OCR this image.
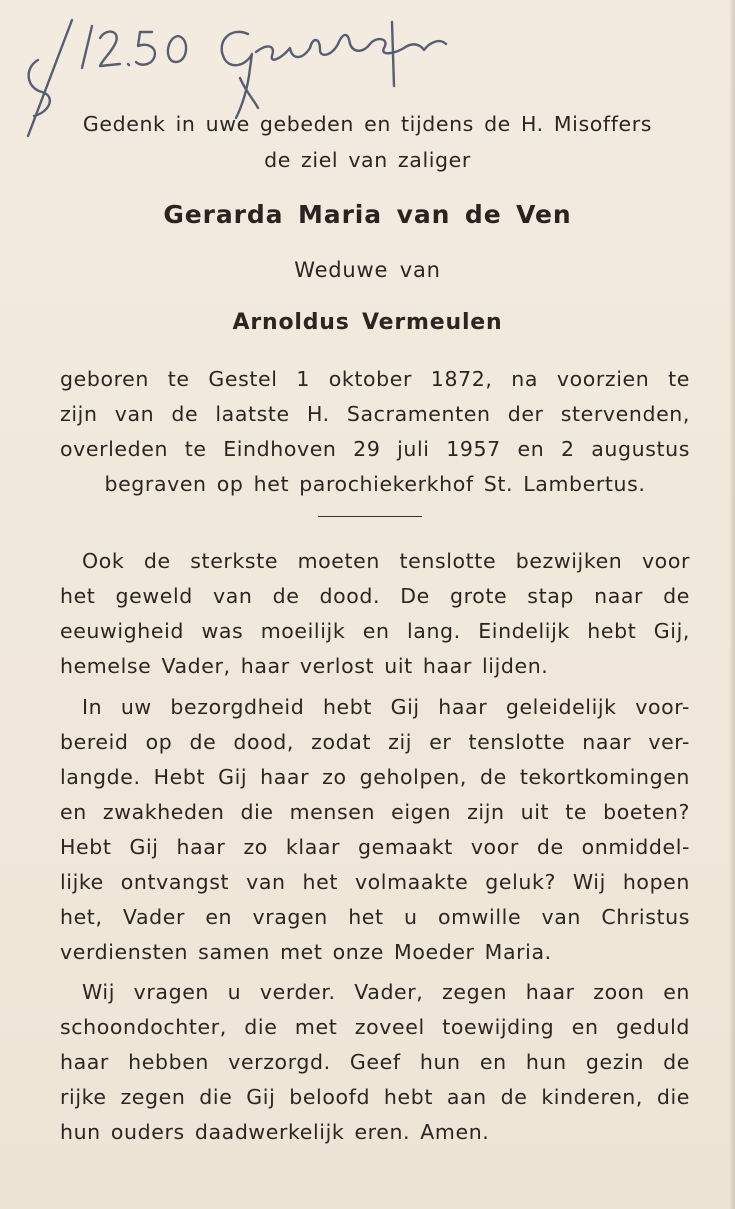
Gedenk in uwe gebeden en tijdens de H. Misoffers
de ziel van zaliger
Gerarda Maria van de Ven
Weduwe van
Arnoldus Vermeulen
geboren te Gestel 1 oktober 1872, na voorzien te
zijn van de laatste H. Sacramenten der stervenden,
overleden te Eindhoven 29 juli 1957 en 2 augustus
begraven op het parochiekerkhof St. Lambertus.
Ook de sterkste moeten tenslotte bezwijken voor
het geweld van de dood. De grote stap naar de
eeuwigheid was moeilijk en lang. Eindelijk hebt Gij,
hemelse Vader, haar verlost uit haar lijden.
In uw bezorgdheid hebt Gij haar geleidelijk voor-
bereid op de dood, zodat zij er tenslotte naar ver-
langde. Hebt Gij haar zo geholpen, de tekortkomingen
en zwakheden die mensen eigen zijn uit te boeten?
Hebt Gij haar zo klaar gemaakt voor de onmiddel-
lijke ontvangst van het volmaakte geluk? Wij hopen
het, Vader en vragen het u omwille van Christus
verdiensten samen met onze Moeder Maria.
Wij vragen u verder. Vader, zegen haar zoon en
schoondochter, die met zoveel toewijding en geduld
haar hebben verzorgd. Geef hun en hun gezin de
rijke zegen die Gij beloofd hebt aan de kinderen, die
hun ouders daadwerkelijk eren. Amen.
